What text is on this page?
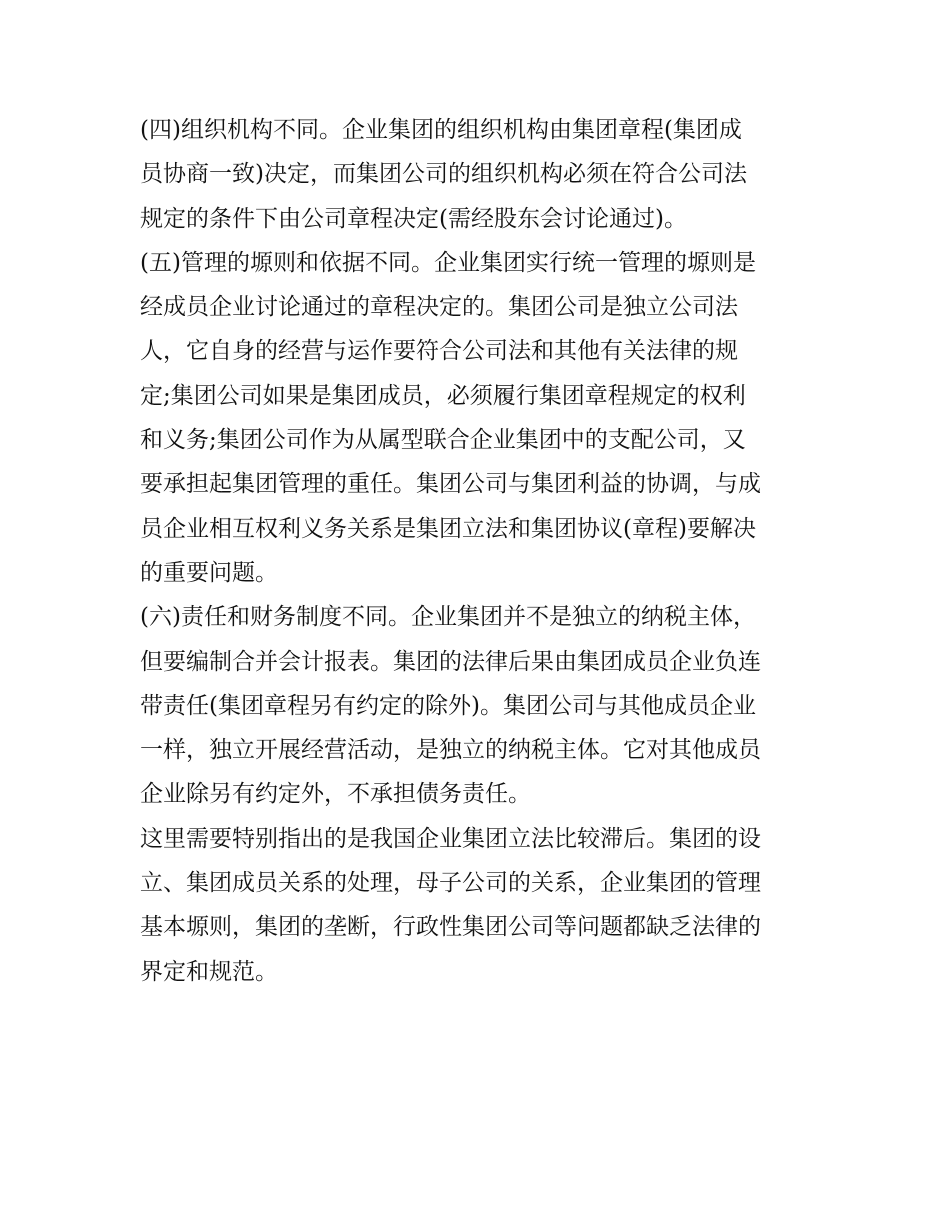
(四)组织机构不同。企业集团的组织机构由集团章程(集团成
员协商一致)决定，而集团公司的组织机构必须在符合公司法
规定的条件下由公司章程决定(需经股东会讨论通过)。
(五)管理的塬则和依据不同。企业集团实行统一管理的塬则是
经成员企业讨论通过的章程决定的。集团公司是独立公司法
人，它自身的经营与运作要符合公司法和其他有关法律的规
定;集团公司如果是集团成员，必须履行集团章程规定的权利
和义务;集团公司作为从属型联合企业集团中的支配公司，又
要承担起集团管理的重任。集团公司与集团利益的协调，与成
员企业相互权利义务关系是集团立法和集团协议(章程)要解决
的重要问题。
(六)责任和财务制度不同。企业集团并不是独立的纳税主体，
但要编制合并会计报表。集团的法律后果由集团成员企业负连
带责任(集团章程另有约定的除外)。集团公司与其他成员企业
一样，独立开展经营活动，是独立的纳税主体。它对其他成员
企业除另有约定外，不承担债务责任。
这里需要特别指出的是我国企业集团立法比较滞后。集团的设
立、集团成员关系的处理，母子公司的关系，企业集团的管理
基本塬则，集团的垄断，行政性集团公司等问题都缺乏法律的
界定和规范。
